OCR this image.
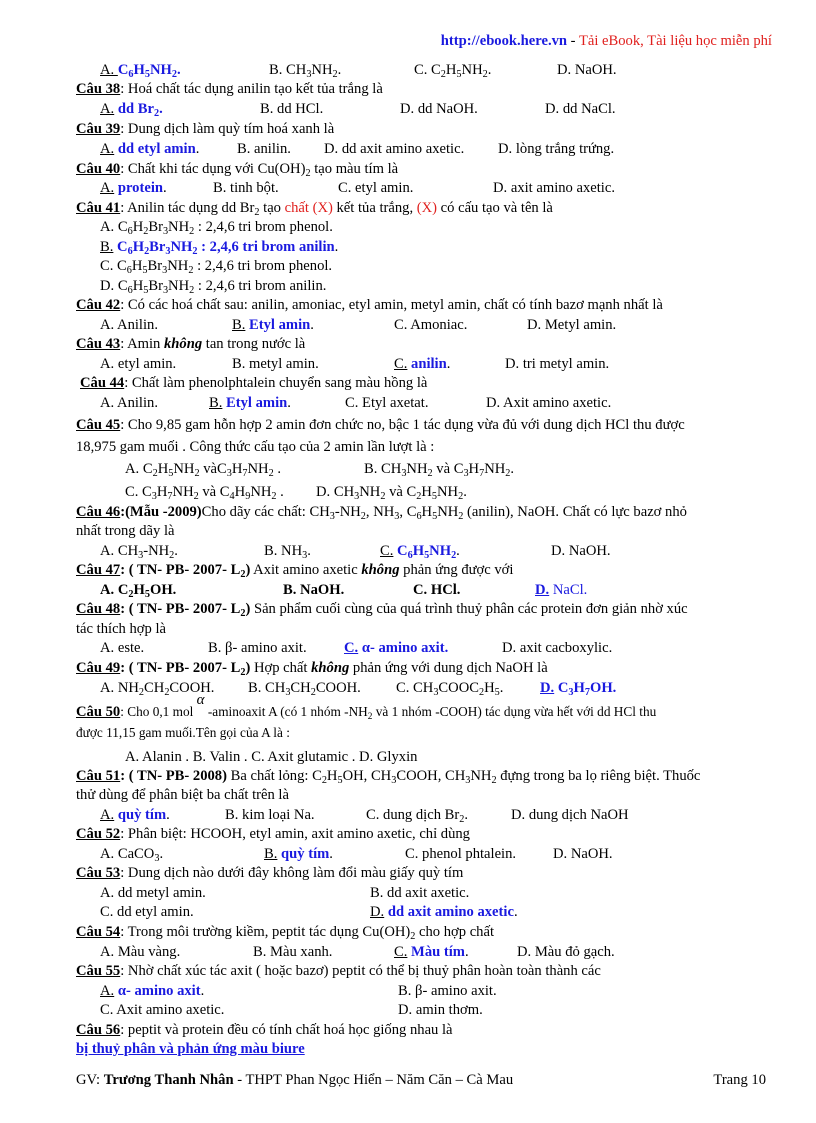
http://ebook.here.vn - Tải eBook, Tài liệu học miễn phí
A. $C_6H_5NH_2$.	B. $CH_3NH_2$.	C. $C_2H_5NH_2$.	D. NaOH.
Câu 38: Hoá chất tác dụng anilin tạo kết tủa trắng là
A. dd $Br_2$.	B. dd HCl.	D. dd NaOH.	D. dd NaCl.
Câu 39: Dung dịch làm quỳ tím hoá xanh là
A. dd etyl amin.	B. anilin. D. dd axit amino axetic. D. lòng trắng trứng.
Câu 40: Chất khi tác dụng với $Cu(OH)_2$ tạo màu tím là
A. protein.	B. tinh bột.	C. etyl amin.	D. axit amino axetic.
Câu 41: Anilin tác dụng dd $Br_2$ tạo chất (X) kết tủa trắng, (X) có cấu tạo và tên là
A. $C_6H_2Br_3NH_2$ : 2,4,6 tri brom phenol.
B. $C_6H_2Br_3NH_2$ : 2,4,6 tri brom anilin.
C. $C_6H_5Br_3NH_2$ : 2,4,6 tri brom phenol.
D. $C_6H_5Br_3NH_2$ : 2,4,6 tri brom anilin.
Câu 42: Có các hoá chất sau: anilin, amoniac, etyl amin, metyl amin, chất có tính bazơ mạnh nhất là
A. Anilin.	B. Etyl amin.	C. Amoniac.	D. Metyl amin.
Câu 43: Amin không tan trong nước là
A. etyl amin.	B. metyl amin.	C. anilin.	D. tri metyl amin.
Câu 44: Chất làm phenolphtalein chuyển sang màu hồng là
A. Anilin.	B. Etyl amin.	C. Etyl axetat.	D. Axit amino axetic.
Câu 45: Cho 9,85 gam hỗn hợp 2 amin đơn chức no, bậc 1 tác dụng vừa đủ với dung dịch HCl thu được
18,975 gam muối . Công thức cấu tạo của 2 amin lần lượt là :
A. $C_2H_5NH_2$ $vàC_3H_7NH_2$ .	B. $CH_3NH_2$ và $C_3H_7NH_2$.
C. $C_3H_7NH_2$ và $C_4H_9NH_2$ . D. $CH_3NH_2$ và $C_2H_5NH_2$.
Câu 46:(Mẫu -2009)Cho dãy các chất: $CH_3-NH_2$, $NH_3$, $C_6H_5NH_2$ (anilin), NaOH. Chất có lực bazơ nhỏ
nhất trong dãy là
A. $CH_3-NH_2$.	B. $NH_3$.	C. $C_6H_5NH_2$.	D. NaOH.
Câu 47: ( TN- PB- 2007- $L_2$) Axit amino axetic không phản ứng được với
A. $C_2H_5OH$.	B. NaOH.	C. HCl.	D. NaCl.
Câu 48: ( TN- PB- 2007- $L_2$) Sản phẩm cuối cùng của quá trình thuỷ phân các protein đơn giản nhờ xúc
tác thích hợp là
A. este.	B. β- amino axit.	C. α- amino axit.	D. axit cacboxylic.
Câu 49: ( TN- PB- 2007- $L_2$) Hợp chất không phản ứng với dung dịch NaOH là
A. $NH_2CH_2COOH$. B. $CH_3CH_2COOH$. C. $CH_3COOC_2H_5$.	D. $C_3H_7OH$.
Câu 50: Cho 0,1 mol α -aminoaxit A (có 1 nhóm $-NH_2$ và 1 nhóm -COOH) tác dụng vừa hết với dd HCl thu
được 11,15 gam muối.Tên gọi của A là :
A. Alanin . B. Valin . C. Axit glutamic . D. Glyxin
Câu 51: ( TN- PB- 2008) Ba chất lỏng: $C_2H_5OH$, $CH_3COOH$, $CH_3NH_2$ đựng trong ba lọ riêng biệt. Thuốc
thử dùng để phân biệt ba chất trên là
A. quỳ tím.	B. kim loại Na.	C. dung dịch $Br_2$.	D. dung dịch NaOH
Câu 52: Phân biệt: HCOOH, etyl amin, axit amino axetic, chỉ dùng
A. CaCO$_3$.	B. quỳ tím.	C. phenol phtalein.	D. NaOH.
Câu 53: Dung dịch nào dưới đây không làm đổi màu giấy quỳ tím
A. dd metyl amin.	B. dd axit axetic.
C. dd etyl amin.	D. dd axit amino axetic.
Câu 54: Trong môi trường kiềm, peptit tác dụng $Cu(OH)_2$ cho hợp chất
A. Màu vàng.	B. Màu xanh.	C. Màu tím.	D. Màu đỏ gạch.
Câu 55: Nhờ chất xúc tác axit ( hoặc bazơ) peptit có thể bị thuỷ phân hoàn toàn thành các
A. α- amino axit.	B. β- amino axit.
C. Axit amino axetic.	D. amin thơm.
Câu 56: peptit và protein đều có tính chất hoá học giống nhau là
bị thuỷ phân và phản ứng màu biure
GV: Trương Thanh Nhân - THPT Phan Ngọc Hiển – Năm Căn – Cà Mau	Trang 10
